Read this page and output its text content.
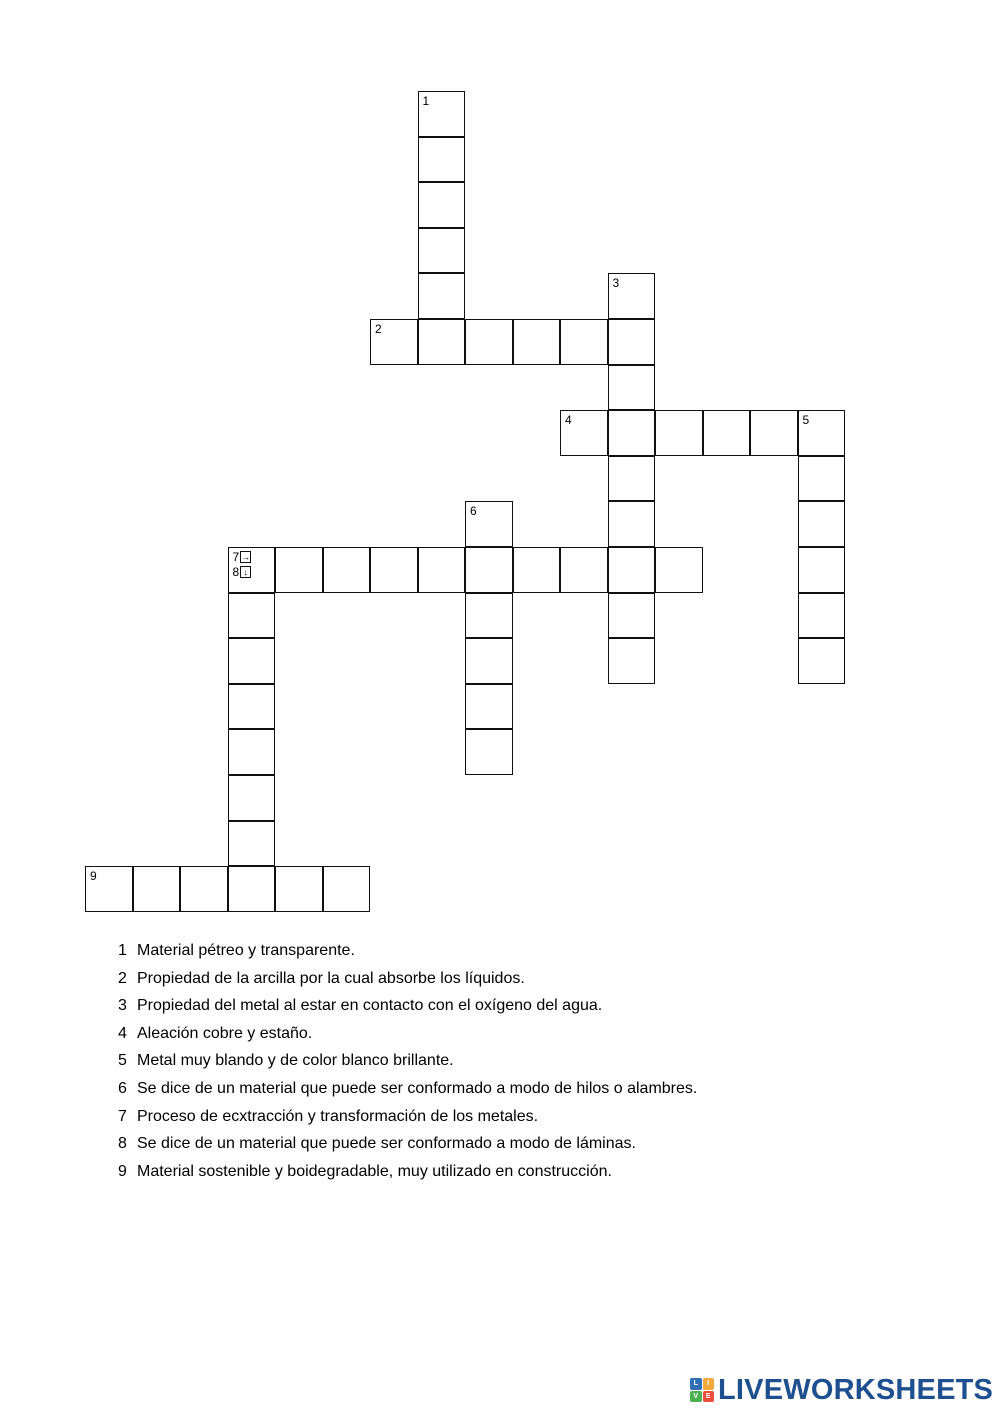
1
2
3
4	5
6
7 →
8 ↓
9
1 Material pétreo y transparente.
2 Propiedad de la arcilla por la cual absorbe los líquidos.
3 Propiedad del metal al estar en contacto con el oxígeno del agua.
4 Aleación cobre y estaño.
5 Metal muy blando y de color blanco brillante.
6 Se dice de un material que puede ser conformado a modo de hilos o alambres.
7 Proceso de ecxtracción y transformación de los metales.
8 Se dice de un material que puede ser conformado a modo de láminas.
9 Material sostenible y boidegradable, muy utilizado en construcción.
L	I
V	E LIVEWORKSHEETS
